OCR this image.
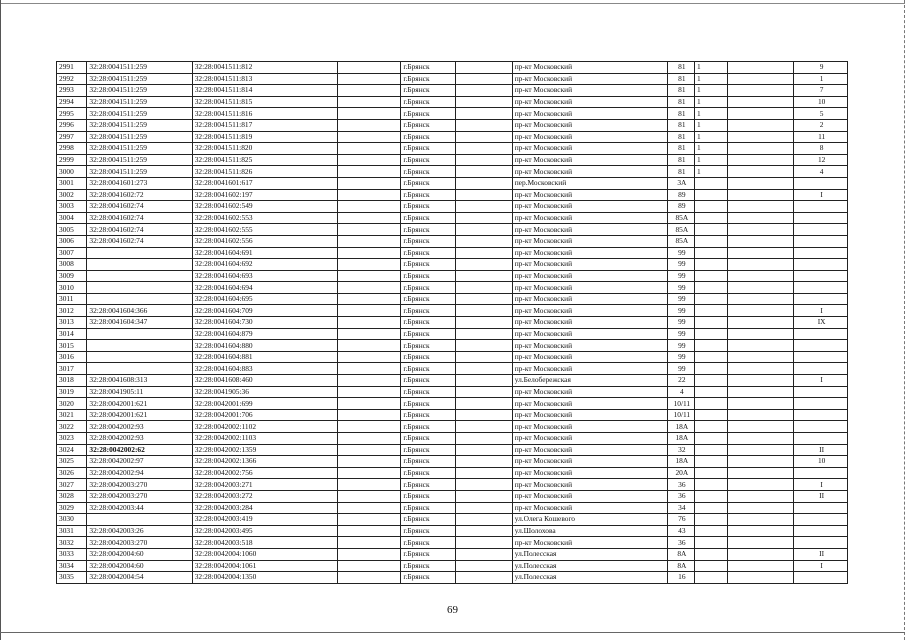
2991	32:28:0041511:259	32:28:0041511:812		г.Брянск		пр-кт Московский	81	1		9
2992	32:28:0041511:259	32:28:0041511:813		г.Брянск		пр-кт Московский	81	1		1
2993	32:28:0041511:259	32:28:0041511:814		г.Брянск		пр-кт Московский	81	1		7
2994	32:28:0041511:259	32:28:0041511:815		г.Брянск		пр-кт Московский	81	1		10
2995	32:28:0041511:259	32:28:0041511:816		г.Брянск		пр-кт Московский	81	1		5
2996	32:28:0041511:259	32:28:0041511:817		г.Брянск		пр-кт Московский	81	1		2
2997	32:28:0041511:259	32:28:0041511:819		г.Брянск		пр-кт Московский	81	1		11
2998	32:28:0041511:259	32:28:0041511:820		г.Брянск		пр-кт Московский	81	1		8
2999	32:28:0041511:259	32:28:0041511:825		г.Брянск		пр-кт Московский	81	1		12
3000	32:28:0041511:259	32:28:0041511:826		г.Брянск		пр-кт Московский	81	1		4
3001	32:28:0041601:273	32:28:0041601:617		г.Брянск		пер.Московский	3А			
3002	32:28:0041602:72	32:28:0041602:197		г.Брянск		пр-кт Московский	89			I
3003	32:28:0041602:74	32:28:0041602:549		г.Брянск		пр-кт Московский	89			
3004	32:28:0041602:74	32:28:0041602:553		г.Брянск		пр-кт Московский	85А			
3005	32:28:0041602:74	32:28:0041602:555		г.Брянск		пр-кт Московский	85А			
3006	32:28:0041602:74	32:28:0041602:556		г.Брянск		пр-кт Московский	85А			
3007		32:28:0041604:691		г.Брянск		пр-кт Московский	99			
3008		32:28:0041604:692		г.Брянск		пр-кт Московский	99			
3009		32:28:0041604:693		г.Брянск		пр-кт Московский	99			
3010		32:28:0041604:694		г.Брянск		пр-кт Московский	99			
3011		32:28:0041604:695		г.Брянск		пр-кт Московский	99			
3012	32:28:0041604:366	32:28:0041604:709		г.Брянск		пр-кт Московский	99			I
3013	32:28:0041604:347	32:28:0041604:730		г.Брянск		пр-кт Московский	99			IX
3014		32:28:0041604:879		г.Брянск		пр-кт Московский	99			
3015		32:28:0041604:880		г.Брянск		пр-кт Московский	99			
3016		32:28:0041604:881		г.Брянск		пр-кт Московский	99			
3017		32:28:0041604:883		г.Брянск		пр-кт Московский	99			
3018	32:28:0041608:313	32:28:0041608:460		г.Брянск		ул.Белобережская	22			I
3019	32:28:0041905:11	32:28:0041905:36		г.Брянск		пр-кт Московский	4			
3020	32:28:0042001:621	32:28:0042001:699		г.Брянск		пр-кт Московский	10/11			
3021	32:28:0042001:621	32:28:0042001:706		г.Брянск		пр-кт Московский	10/11			
3022	32:28:0042002:93	32:28:0042002:1102		г.Брянск		пр-кт Московский	18А			
3023	32:28:0042002:93	32:28:0042002:1103		г.Брянск		пр-кт Московский	18А			
3024	32:28:0042002:62	32:28:0042002:1359		г.Брянск		пр-кт Московский	32			II
3025	32:28:0042002:97	32:28:0042002:1366		г.Брянск		пр-кт Московский	18А			10
3026	32:28:0042002:94	32:28:0042002:756		г.Брянск		пр-кт Московский	20А			
3027	32:28:0042003:270	32:28:0042003:271		г.Брянск		пр-кт Московский	36			I
3028	32:28:0042003:270	32:28:0042003:272		г.Брянск		пр-кт Московский	36			II
3029	32:28:0042003:44	32:28:0042003:284		г.Брянск		пр-кт Московский	34			
3030		32:28:0042003:419		г.Брянск		ул.Олега Кошевого	76			
3031	32:28:0042003:26	32:28:0042003:495		г.Брянск		ул.Шолохова	43			
3032	32:28:0042003:270	32:28:0042003:518		г.Брянск		пр-кт Московский	36			
3033	32:28:0042004:60	32:28:0042004:1060		г.Брянск		ул.Полесская	8А			II
3034	32:28:0042004:60	32:28:0042004:1061		г.Брянск		ул.Полесская	8А			I
3035	32:28:0042004:54	32:28:0042004:1350		г.Брянск		ул.Полесская	16			
69
